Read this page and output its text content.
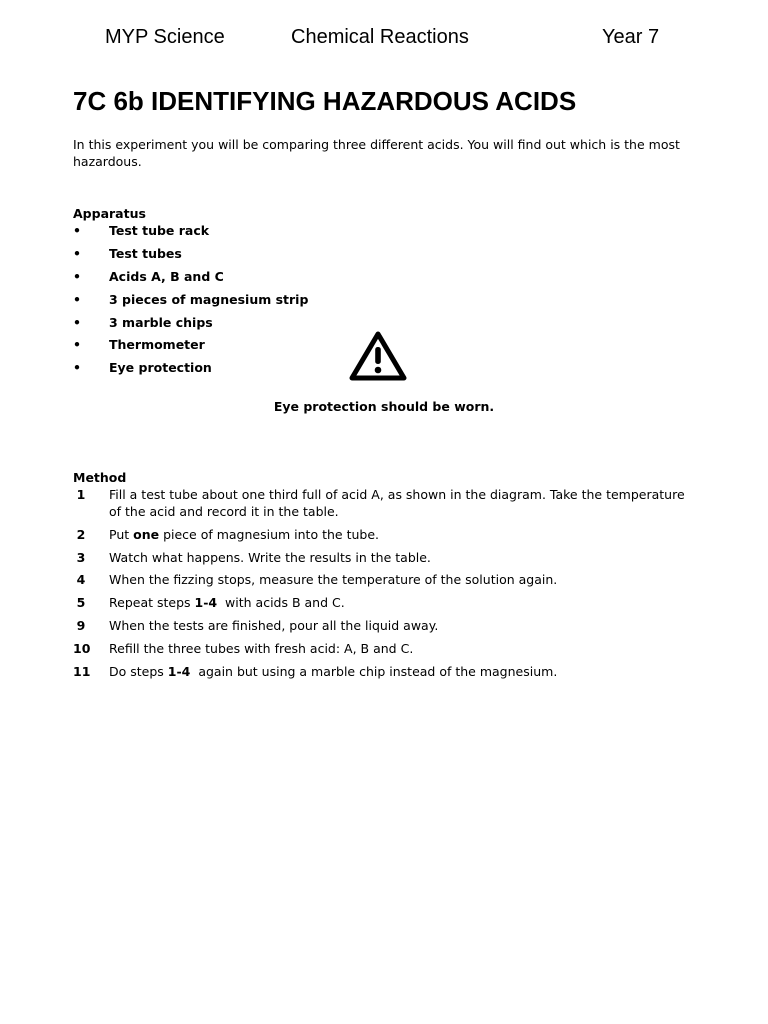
MYP Science	Chemical Reactions	Year 7
7C 6b IDENTIFYING HAZARDOUS ACIDS
In this experiment you will be comparing three different acids. You will find out which is the most hazardous.
Apparatus
• Test tube rack
• Test tubes
• Acids A, B and C
• 3 pieces of magnesium strip
• 3 marble chips
• Thermometer
• Eye protection
Eye protection should be worn.
Method
1 Fill a test tube about one third full of acid A, as shown in the diagram. Take the temperature of the acid and record it in the table.
2 Put one piece of magnesium into the tube.
3 Watch what happens. Write the results in the table.
4 When the fizzing stops, measure the temperature of the solution again.
5 Repeat steps 1-4  with acids B and C.
9 When the tests are finished, pour all the liquid away.
10 Refill the three tubes with fresh acid: A, B and C.
11 Do steps 1-4  again but using a marble chip instead of the magnesium.
